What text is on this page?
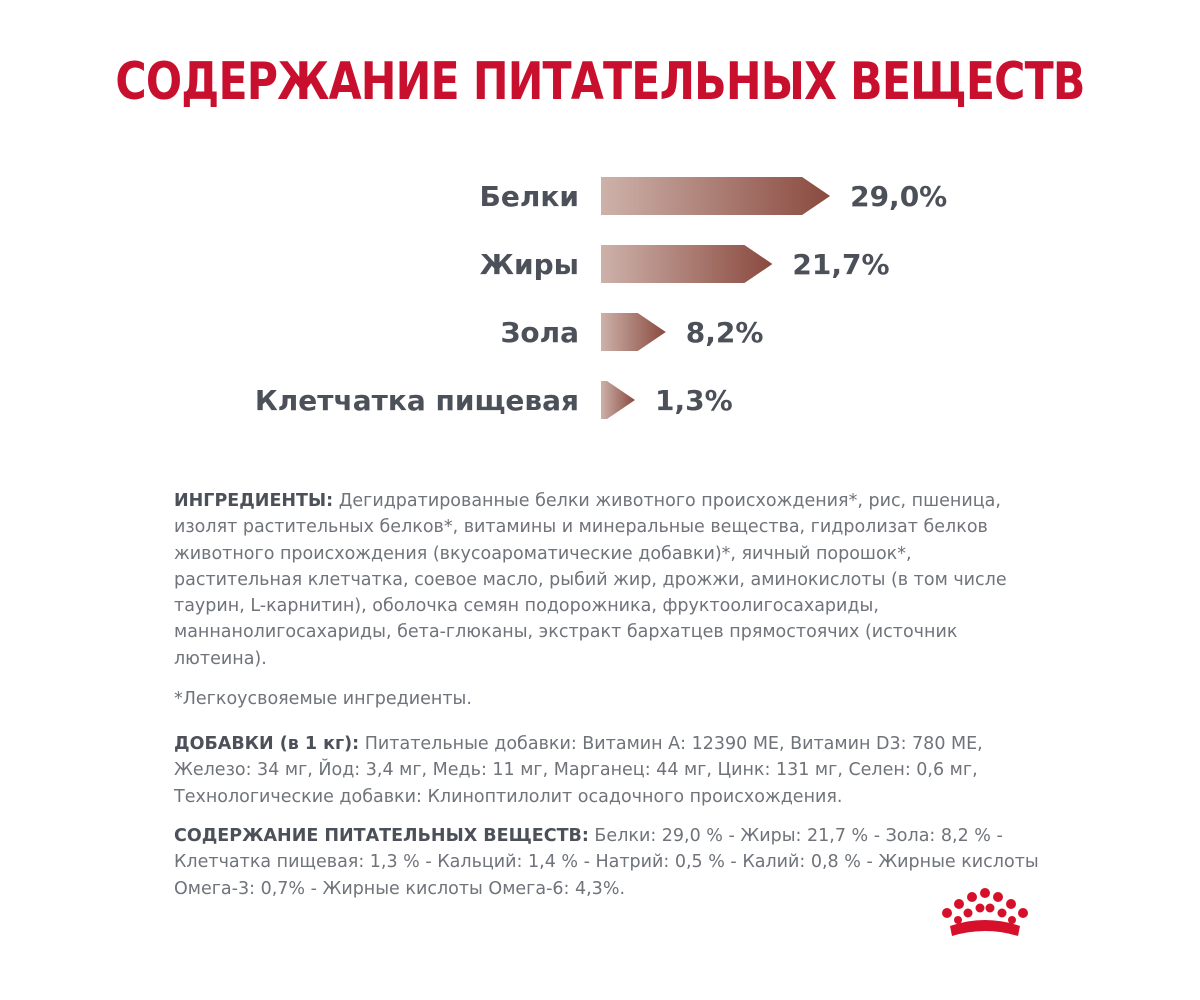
СОДЕРЖАНИЕ ПИТАТЕЛЬНЫХ ВЕЩЕСТВ
Белки	29,0%
Жиры	21,7%
Зола	8,2%
Клетчатка пищевая	1,3%
ИНГРЕДИЕНТЫ: Дегидратированные белки животного происхождения*, рис, пшеница, изолят растительных белков*, витамины и минеральные вещества, гидролизат белков животного происхождения (вкусоароматические добавки)*, яичный порошок*, растительная клетчатка, соевое масло, рыбий жир, дрожжи, аминокислоты (в том числе таурин, L-карнитин), оболочка семян подорожника, фруктоолигосахариды, маннанолигосахариды, бета-глюканы, экстракт бархатцев прямостоячих (источник лютеина).
*Легкоусвояемые ингредиенты.
ДОБАВКИ (в 1 кг): Питательные добавки: Витамин А: 12390 МЕ, Витамин D3: 780 МЕ, Железо: 34 мг, Йод: 3,4 мг, Медь: 11 мг, Марганец: 44 мг, Цинк: 131 мг, Селен: 0,6 мг, Технологические добавки: Клиноптилолит осадочного происхождения.
СОДЕРЖАНИЕ ПИТАТЕЛЬНЫХ ВЕЩЕСТВ: Белки: 29,0 % - Жиры: 21,7 % - Зола: 8,2 % - Клетчатка пищевая: 1,3 % - Кальций: 1,4 % - Натрий: 0,5 % - Калий: 0,8 % - Жирные кислоты Омега-3: 0,7% - Жирные кислоты Омега-6: 4,3%.
